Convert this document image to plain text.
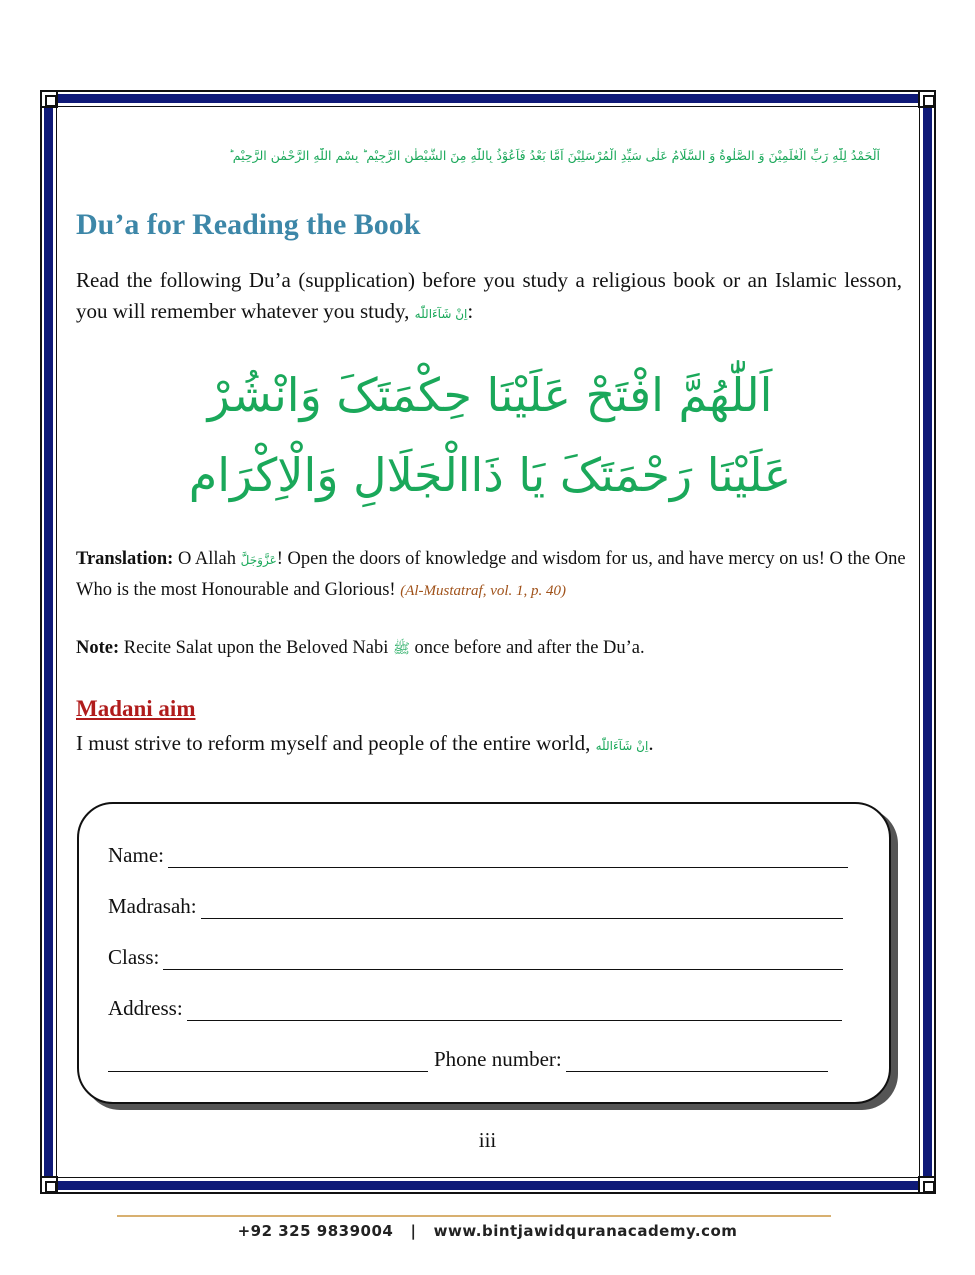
اَلْحَمْدُ لِلّٰهِ رَبِّ الْعٰلَمِیْنَ وَ الصَّلٰوةُ وَ السَّلَامُ عَلٰی سَیِّدِ الْمُرْسَلِیْنَ اَمَّا بَعْدُ فَاَعُوْذُ بِاللّٰهِ مِنَ الشَّیْطٰنِ الرَّجِیْمِ ؕ بِسْمِ اللّٰهِ الرَّحْمٰنِ الرَّحِیْمِ ؕ
Du’a for Reading the Book
Read the following Du’a (supplication) before you study a religious book or an Islamic lesson, you will remember whatever you study, اِنْ شَآءَاللّٰه:
اَللّٰھُمَّ افْتَحْ عَلَیْنَا حِکْمَتَکَ وَانْشُرْ
عَلَیْنَا رَحْمَتَکَ یَا ذَاالْجَلَالِ وَالْاِکْرَام
Translation: O Allah عَزَّوَجَلَّ! Open the doors of knowledge and wisdom for us, and have mercy on us! O the One Who is the most Honourable and Glorious! (Al-Mustatraf, vol. 1, p. 40)
Note: Recite Salat upon the Beloved Nabi ﷺ once before and after the Du’a.
Madani aim
I must strive to reform myself and people of the entire world, اِنْ شَآءَاللّٰه.
Name:
Madrasah:
Class:
Address:
Phone number:
iii
+92 325 9839004 | www.bintjawidquranacademy.com
